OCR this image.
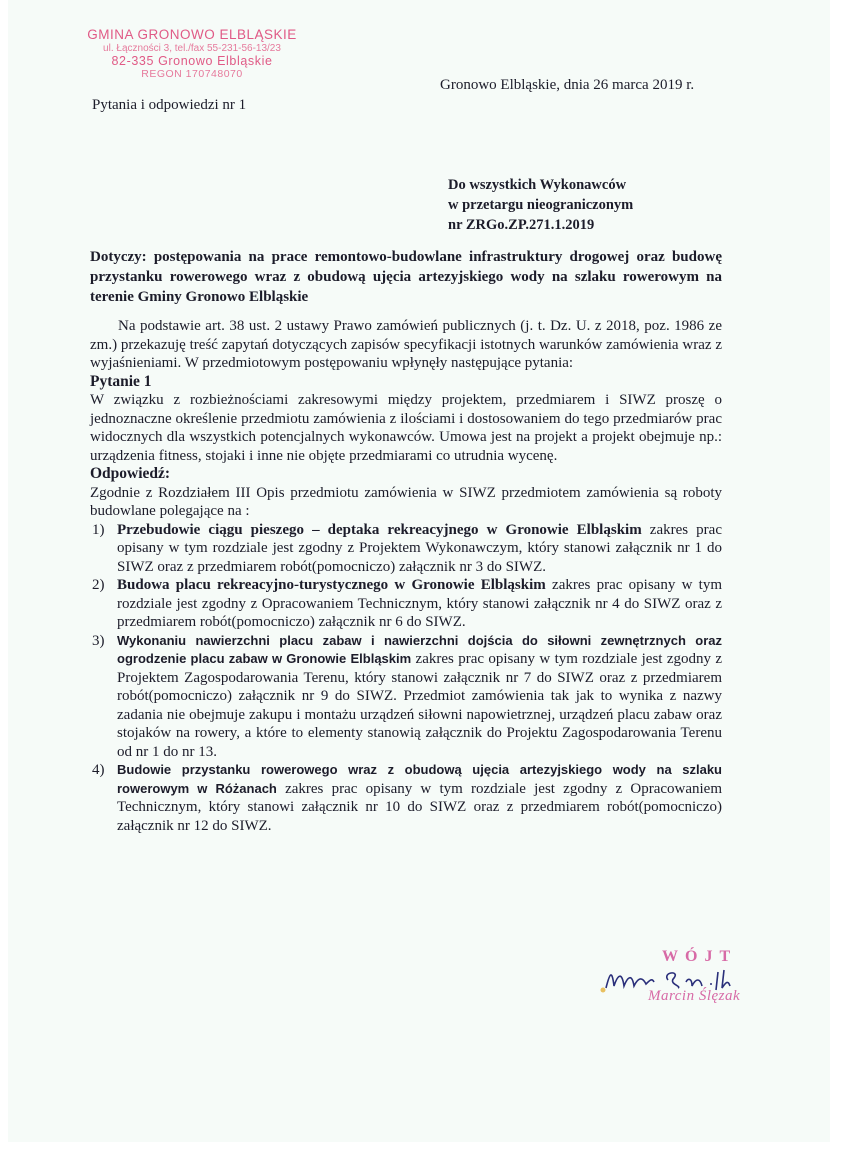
GMINA GRONOWO ELBLĄSKIE
ul. Łączności 3, tel./fax 55-231-56-13/23
82-335 Gronowo Elbląskie
REGON 170748070
Pytania i odpowiedzi nr 1
Gronowo Elbląskie, dnia 26 marca 2019 r.
Do wszystkich Wykonawców
w przetargu nieograniczonym
nr ZRGo.ZP.271.1.2019
Dotyczy: postępowania na prace remontowo-budowlane infrastruktury drogowej oraz budowę przystanku rowerowego wraz z obudową ujęcia artezyjskiego wody na szlaku rowerowym na terenie Gminy Gronowo Elbląskie

Na podstawie art. 38 ust. 2 ustawy Prawo zamówień publicznych (j. t. Dz. U. z 2018, poz. 1986 ze zm.) przekazuję treść zapytań dotyczących zapisów specyfikacji istotnych warunków zamówienia wraz z wyjaśnieniami. W przedmiotowym postępowaniu wpłynęły następujące pytania:

Pytanie 1

W związku z rozbieżnościami zakresowymi między projektem, przedmiarem i SIWZ proszę o jednoznaczne określenie przedmiotu zamówienia z ilościami i dostosowaniem do tego przedmiarów prac widocznych dla wszystkich potencjalnych wykonawców. Umowa jest na projekt a projekt obejmuje np.: urządzenia fitness, stojaki i inne nie objęte przedmiarami co utrudnia wycenę.

Odpowiedź:

Zgodnie z Rozdziałem III Opis przedmiotu zamówienia w SIWZ przedmiotem zamówienia są roboty budowlane polegające na :

1) Przebudowie ciągu pieszego – deptaka rekreacyjnego w Gronowie Elbląskim zakres prac opisany w tym rozdziale jest zgodny z Projektem Wykonawczym, który stanowi załącznik nr 1 do SIWZ oraz z przedmiarem robót(pomocniczo) załącznik nr 3 do SIWZ.
2) Budowa placu rekreacyjno-turystycznego w Gronowie Elbląskim zakres prac opisany w tym rozdziale jest zgodny z Opracowaniem Technicznym, który stanowi załącznik nr 4 do SIWZ oraz z przedmiarem robót(pomocniczo) załącznik nr 6 do SIWZ.
3) Wykonaniu nawierzchni placu zabaw i nawierzchni dojścia do siłowni zewnętrznych oraz ogrodzenie placu zabaw w Gronowie Elbląskim zakres prac opisany w tym rozdziale jest zgodny z Projektem Zagospodarowania Terenu, który stanowi załącznik nr 7 do SIWZ oraz z przedmiarem robót(pomocniczo) załącznik nr 9 do SIWZ. Przedmiot zamówienia tak jak to wynika z nazwy zadania nie obejmuje zakupu i montażu urządzeń siłowni napowietrznej, urządzeń placu zabaw oraz stojaków na rowery, a które to elementy stanowią załącznik do Projektu Zagospodarowania Terenu od nr 1 do nr 13.
4) Budowie przystanku rowerowego wraz z obudową ujęcia artezyjskiego wody na szlaku rowerowym w Różanach zakres prac opisany w tym rozdziale jest zgodny z Opracowaniem Technicznym, który stanowi załącznik nr 10 do SIWZ oraz z przedmiarem robót(pomocniczo) załącznik nr 12 do SIWZ.
WÓJT
Marcin Ślęzak
